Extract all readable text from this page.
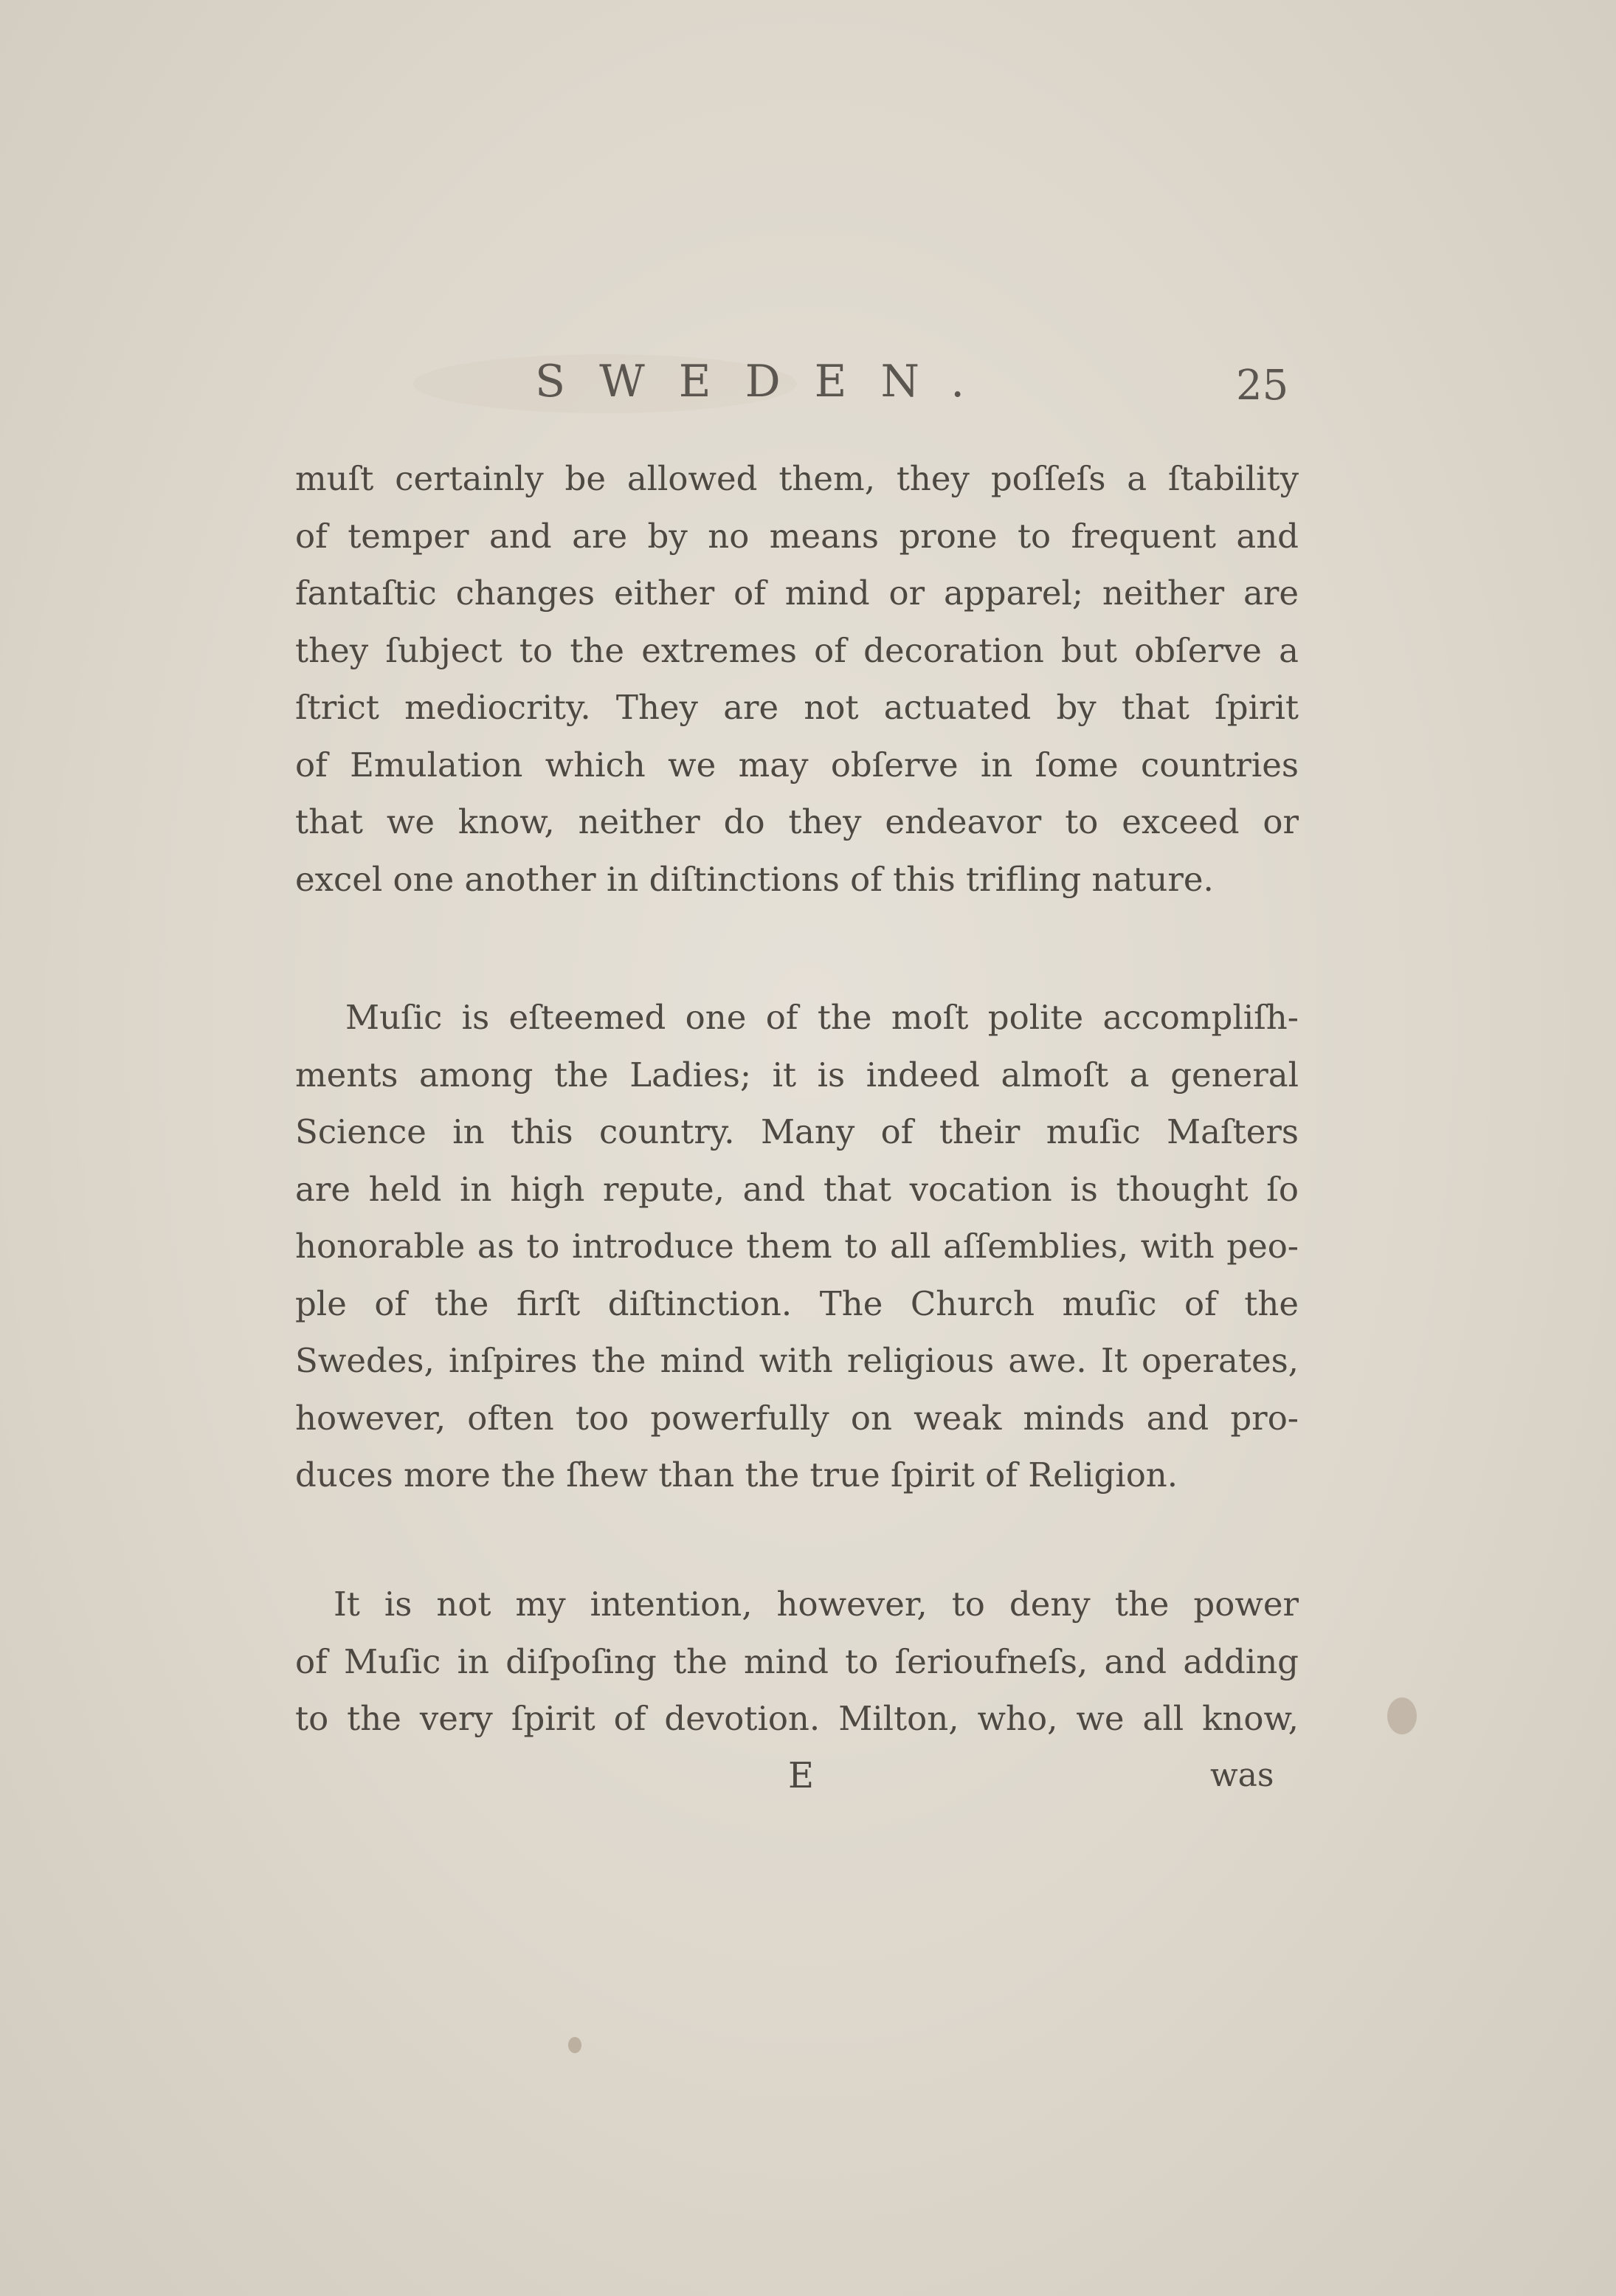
SWEDEN.	25

muſt certainly be allowed them, they poſſeſs a ſtability
of temper and are by no means prone to frequent and
fantaſtic changes either of mind or apparel; neither are
they ſubject to the extremes of decoration but obſerve a
ſtrict mediocrity. They are not actuated by that ſpirit
of Emulation which we may obſerve in ſome countries
that we know, neither do they endeavor to exceed or
excel one another in diſtinctions of this trifling nature.

Muſic is eſteemed one of the moſt polite accompliſh-
ments among the Ladies; it is indeed almoſt a general
Science in this country. Many of their muſic Maſters
are held in high repute, and that vocation is thought ſo
honorable as to introduce them to all aſſemblies, with peo-
ple of the firſt diſtinction. The Church muſic of the
Swedes, inſpires the mind with religious awe. It operates,
however, often too powerfully on weak minds and pro-
duces more the ſhew than the true ſpirit of Religion.

It is not my intention, however, to deny the power
of Muſic in diſpoſing the mind to ſerioufneſs, and adding
to the very ſpirit of devotion. Milton, who, we all know,

E	was
